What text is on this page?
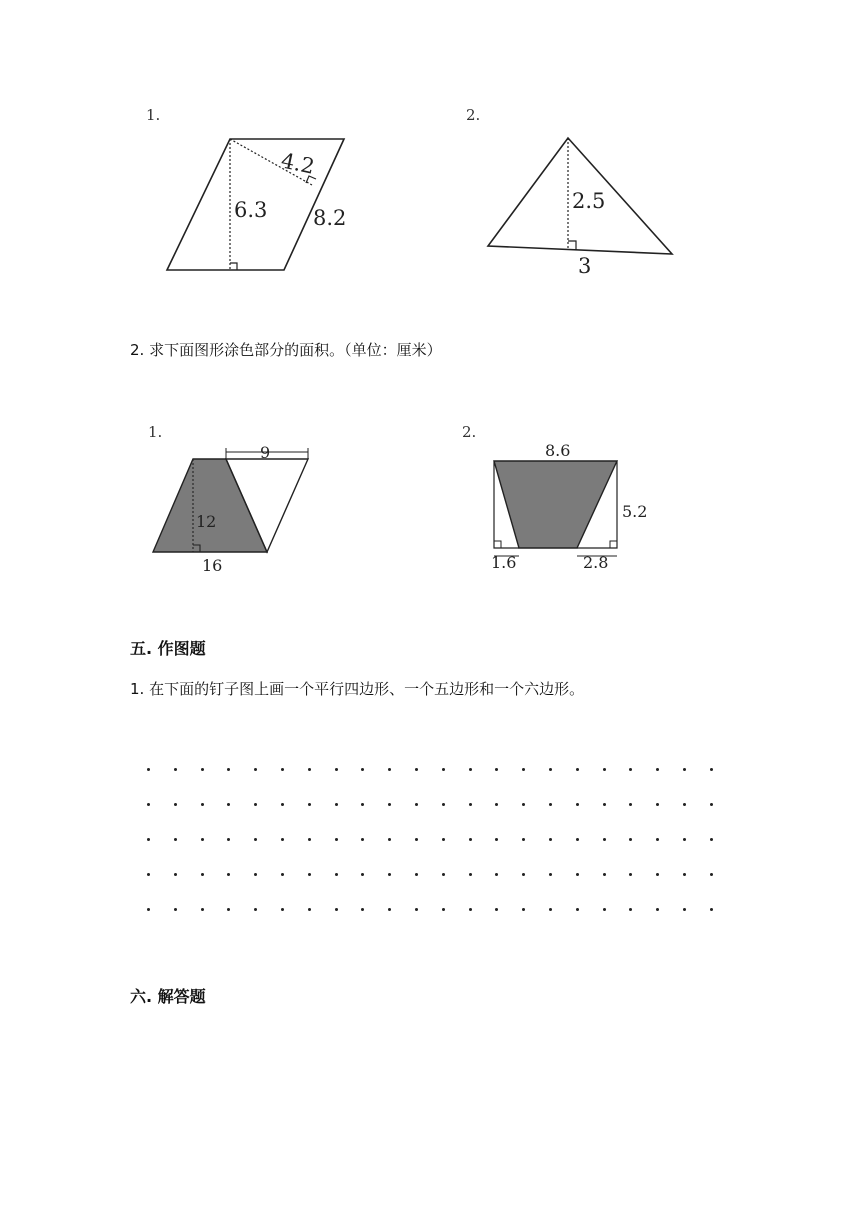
1.
6.3
4.2
8.2
2.
2.5
3
2. 求下面图形涂色部分的面积。（单位：厘米）
1.
9
12
16
2.
8.6
5.2
1.6	2.8
五. 作图题
1. 在下面的钉子图上画一个平行四边形、一个五边形和一个六边形。
六. 解答题
